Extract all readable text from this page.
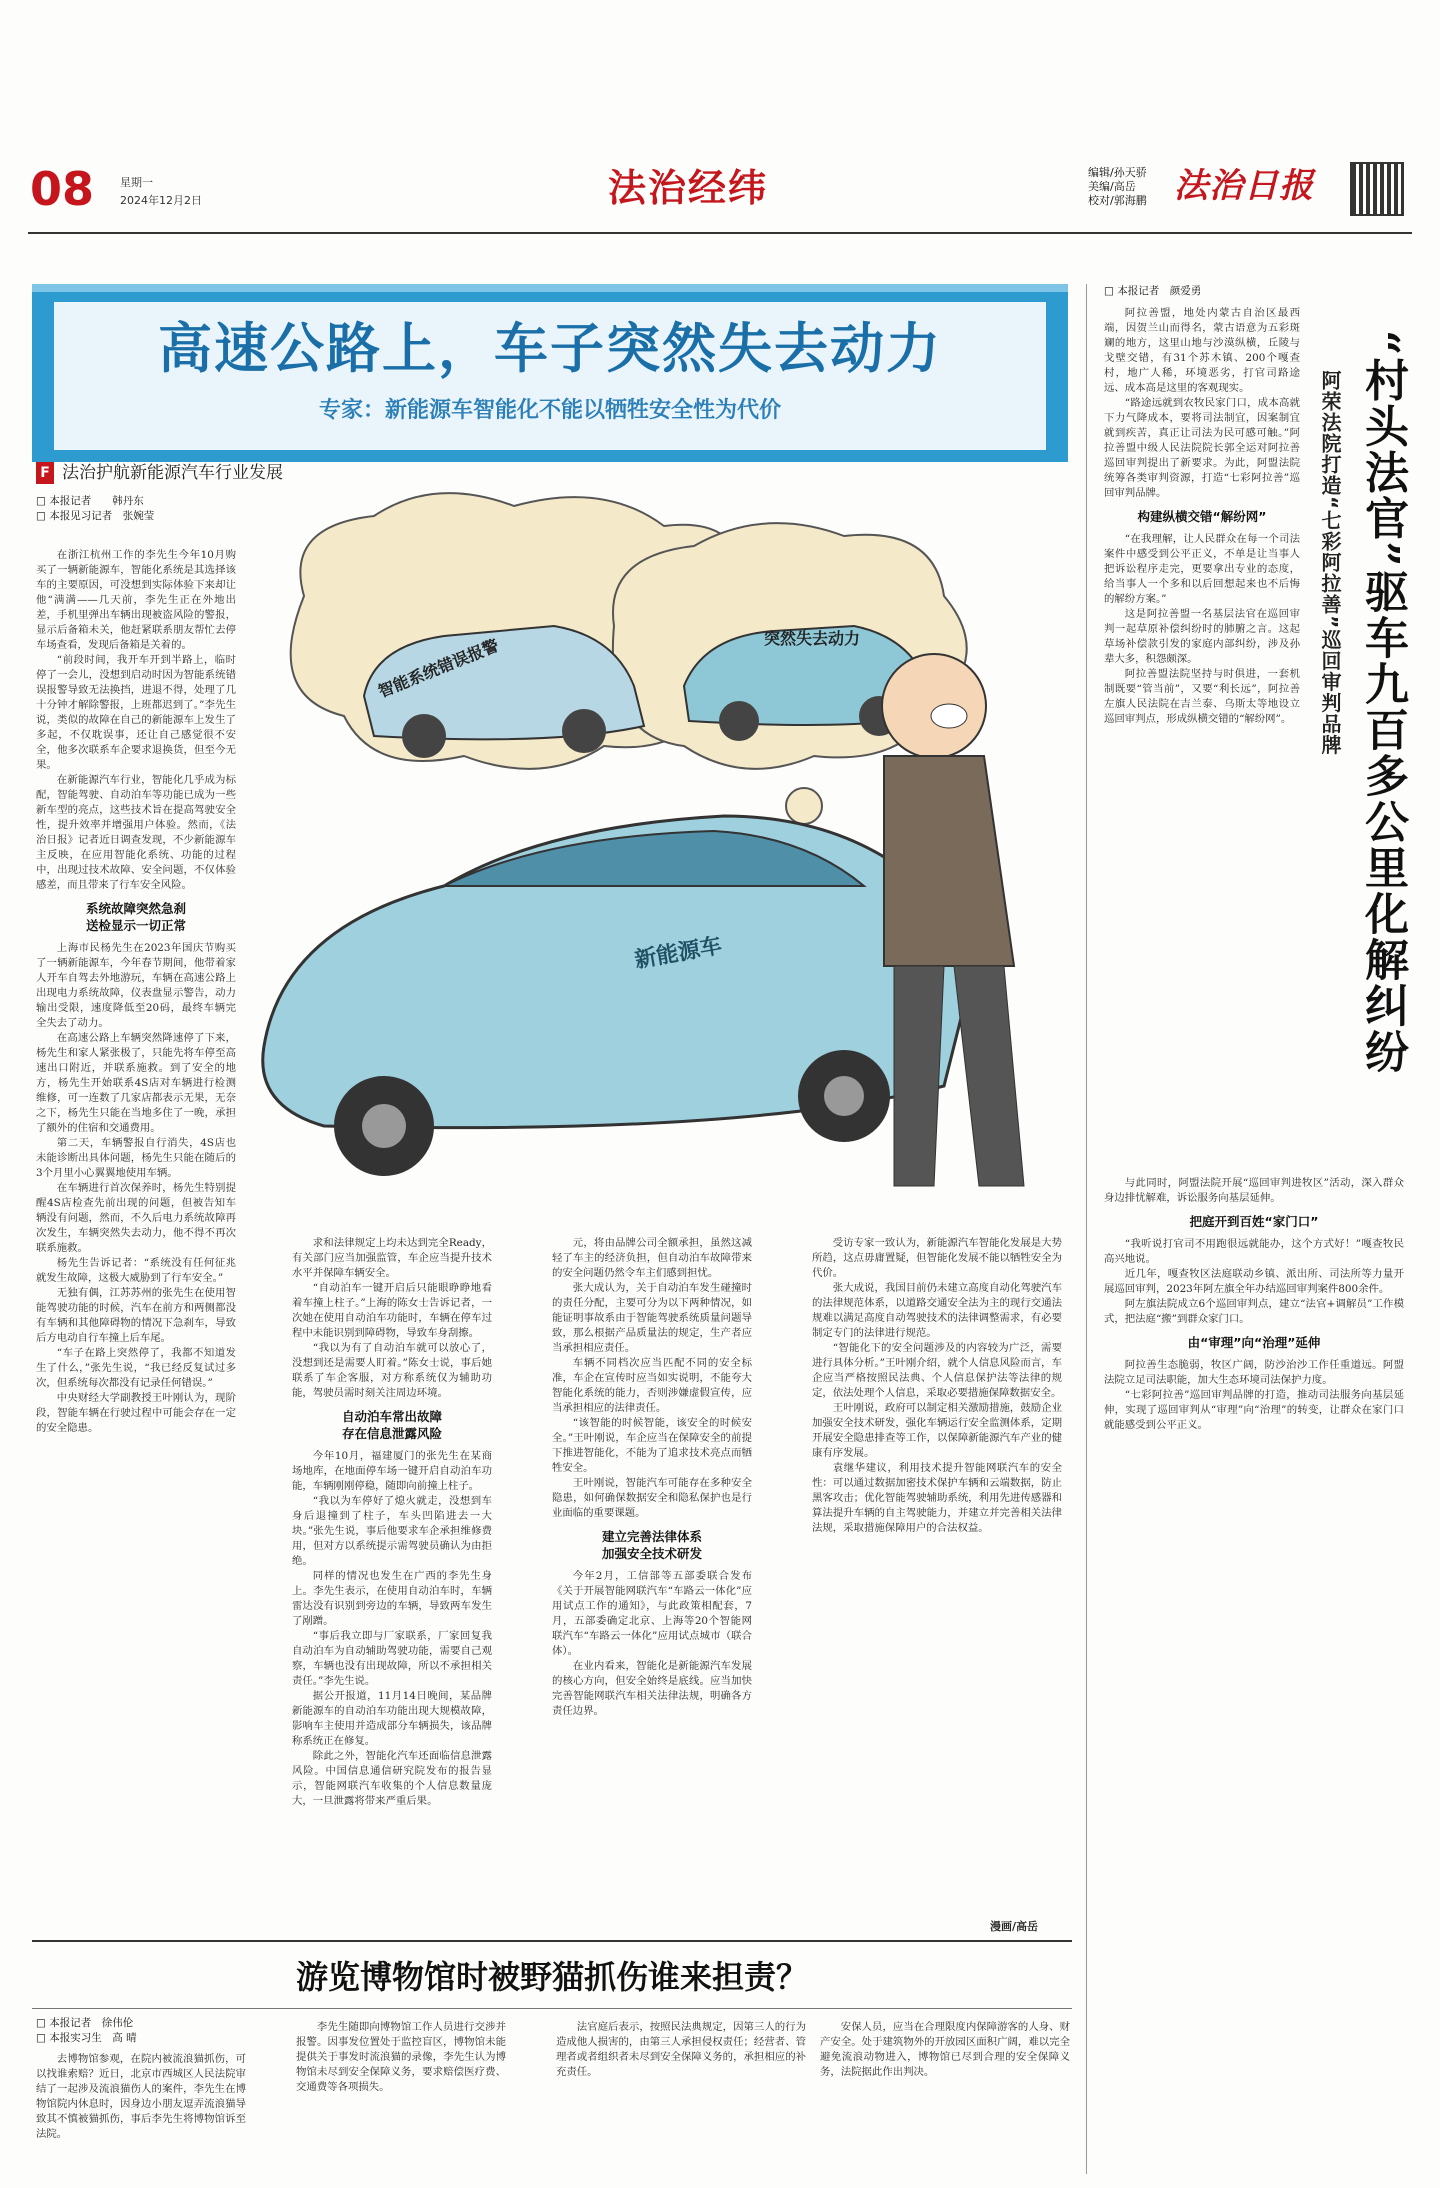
08 星期一
2024年12月2日	法治经纬	编辑/孙天骄
美编/高岳
校对/郭海鹏 法治日报
高速公路上，车子突然失去动力
专家：新能源车智能化不能以牺牲安全性为代价
F 法治护航新能源汽车行业发展
智能系统错误报警	突然失去动力
新能源车
□ 本报记者　　韩丹东
□ 本报见习记者　张婉莹

在浙江杭州工作的李先生今年10月购买了一辆新能源车，智能化系统是其选择该车的主要原因，可没想到实际体验下来却让他“满满——几天前，李先生正在外地出差，手机里弹出车辆出现被盗风险的警报，显示后备箱未关，他赶紧联系朋友帮忙去停车场查看，发现后备箱是关着的。

“前段时间，我开车开到半路上，临时停了一会儿，没想到启动时因为智能系统错误报警导致无法换挡，进退不得，处理了几十分钟才解除警报，上班都迟到了。”李先生说，类似的故障在自己的新能源车上发生了多起，不仅耽误事，还让自己感觉很不安全，他多次联系车企要求退换货，但至今无果。

在新能源汽车行业，智能化几乎成为标配，智能驾驶、自动泊车等功能已成为一些新车型的亮点，这些技术旨在提高驾驶安全性，提升效率并增强用户体验。然而，《法治日报》记者近日调查发现，不少新能源车主反映，在应用智能化系统、功能的过程中，出现过技术故障、安全问题，不仅体验感差，而且带来了行车安全风险。

系统故障突然急刹
送检显示一切正常

上海市民杨先生在2023年国庆节购买了一辆新能源车，今年春节期间，他带着家人开车自驾去外地游玩，车辆在高速公路上出现电力系统故障，仪表盘显示警告，动力输出受限，速度降低至20码，最终车辆完全失去了动力。

在高速公路上车辆突然降速停了下来，杨先生和家人紧张极了，只能先将车停至高速出口附近，并联系施救。到了安全的地方，杨先生开始联系4S店对车辆进行检测维修，可一连数了几家店都表示无果，无奈之下，杨先生只能在当地多住了一晚，承担了额外的住宿和交通费用。

第二天，车辆警报自行消失，4S店也未能诊断出具体问题，杨先生只能在随后的3个月里小心翼翼地使用车辆。

在车辆进行首次保养时，杨先生特别提醒4S店检查先前出现的问题，但被告知车辆没有问题，然而，不久后电力系统故障再次发生，车辆突然失去动力，他不得不再次联系施救。

杨先生告诉记者：“系统没有任何征兆就发生故障，这极大威胁到了行车安全。”

无独有偶，江苏苏州的张先生在使用智能驾驶功能的时候，汽车在前方和两侧都没有车辆和其他障碍物的情况下急刹车，导致后方电动自行车撞上后车尾。

“车子在路上突然停了，我都不知道发生了什么，”张先生说，“我已经反复试过多次，但系统每次都没有记录任何错误。”

中央财经大学副教授王叶刚认为，现阶段，智能车辆在行驶过程中可能会存在一定的安全隐患。

求和法律规定上均未达到完全Ready，有关部门应当加强监管，车企应当提升技术水平并保障车辆安全。

“自动泊车一键开启后只能眼睁睁地看着车撞上柱子。”上海的陈女士告诉记者，一次她在使用自动泊车功能时，车辆在停车过程中未能识别到障碍物，导致车身刮擦。

“我以为有了自动泊车就可以放心了，没想到还是需要人盯着。”陈女士说，事后她联系了车企客服，对方称系统仅为辅助功能，驾驶员需时刻关注周边环境。

自动泊车常出故障
存在信息泄露风险

今年10月，福建厦门的张先生在某商场地库，在地面停车场一键开启自动泊车功能，车辆刚刚停稳，随即向前撞上柱子。

“我以为车停好了熄火就走，没想到车身后退撞到了柱子，车头凹陷进去一大块。”张先生说，事后他要求车企承担维修费用，但对方以系统提示需驾驶员确认为由拒绝。

同样的情况也发生在广西的李先生身上。李先生表示，在使用自动泊车时，车辆雷达没有识别到旁边的车辆，导致两车发生了剐蹭。

“事后我立即与厂家联系，厂家回复我自动泊车为自动辅助驾驶功能，需要自己观察，车辆也没有出现故障，所以不承担相关责任。”李先生说。

据公开报道，11月14日晚间，某品牌新能源车的自动泊车功能出现大规模故障，影响车主使用并造成部分车辆损失，该品牌称系统正在修复。

除此之外，智能化汽车还面临信息泄露风险。中国信息通信研究院发布的报告显示，智能网联汽车收集的个人信息数量庞大，一旦泄露将带来严重后果。

元，将由品牌公司全额承担，虽然这减轻了车主的经济负担，但自动泊车故障带来的安全问题仍然令车主们感到担忧。

张大成认为，关于自动泊车发生碰撞时的责任分配，主要可分为以下两种情况，如能证明事故系由于智能驾驶系统质量问题导致，那么根据产品质量法的规定，生产者应当承担相应责任。

车辆不同档次应当匹配不同的安全标准，车企在宣传时应当如实说明，不能夸大智能化系统的能力，否则涉嫌虚假宣传，应当承担相应的法律责任。

“该智能的时候智能，该安全的时候安全。”王叶刚说，车企应当在保障安全的前提下推进智能化，不能为了追求技术亮点而牺牲安全。

王叶刚说，智能汽车可能存在多种安全隐患，如何确保数据安全和隐私保护也是行业面临的重要课题。

建立完善法律体系
加强安全技术研发

今年2月，工信部等五部委联合发布《关于开展智能网联汽车“车路云一体化”应用试点工作的通知》，与此政策相配套，7月，五部委确定北京、上海等20个智能网联汽车“车路云一体化”应用试点城市（联合体）。

在业内看来，智能化是新能源汽车发展的核心方向，但安全始终是底线。应当加快完善智能网联汽车相关法律法规，明确各方责任边界。

受访专家一致认为，新能源汽车智能化发展是大势所趋，这点毋庸置疑，但智能化发展不能以牺牲安全为代价。

张大成说，我国目前仍未建立高度自动化驾驶汽车的法律规范体系，以道路交通安全法为主的现行交通法规难以满足高度自动驾驶技术的法律调整需求，有必要制定专门的法律进行规范。

“智能化下的安全问题涉及的内容较为广泛，需要进行具体分析。”王叶刚介绍，就个人信息风险而言，车企应当严格按照民法典、个人信息保护法等法律的规定，依法处理个人信息，采取必要措施保障数据安全。

王叶刚说，政府可以制定相关激励措施，鼓励企业加强安全技术研发，强化车辆运行安全监测体系，定期开展安全隐患排查等工作，以保障新能源汽车产业的健康有序发展。

袁继华建议，利用技术提升智能网联汽车的安全性：可以通过数据加密技术保护车辆和云端数据，防止黑客攻击；优化智能驾驶辅助系统，利用先进传感器和算法提升车辆的自主驾驶能力，并建立并完善相关法律法规，采取措施保障用户的合法权益。

漫画/高岳
□ 本报记者　颜爱勇
“村头法官”驱车九百多公里化解纠纷
阿荣法院打造“七彩阿拉善”巡回审判品牌

阿拉善盟，地处内蒙古自治区最西端，因贺兰山而得名，蒙古语意为五彩斑斓的地方，这里山地与沙漠纵横，丘陵与戈壁交错，有31个苏木镇、200个嘎查村，地广人稀，环境恶劣，打官司路途远、成本高是这里的客观现实。

“路途远就到农牧民家门口，成本高就下力气降成本，要将司法制宜，因案制宜就到疾苦，真正让司法为民可感可触。”阿拉善盟中级人民法院院长郭全运对阿拉善巡回审判提出了新要求。为此，阿盟法院统筹各类审判资源，打造“七彩阿拉善”巡回审判品牌。

构建纵横交错“解纷网”

“在我理解，让人民群众在每一个司法案件中感受到公平正义，不单是让当事人把诉讼程序走完，更要拿出专业的态度，给当事人一个多和以后回想起来也不后悔的解纷方案。”

这是阿拉善盟一名基层法官在巡回审判一起草原补偿纠纷时的肺腑之言。这起草场补偿款引发的家庭内部纠纷，涉及孙辈大多，积怨颇深。

阿拉善盟法院坚持与时俱进，一套机制既要“管当前”，又要“利长远”，阿拉善左旗人民法院在吉兰泰、乌斯太等地设立巡回审判点，形成纵横交错的“解纷网”。

与此同时，阿盟法院开展“巡回审判进牧区”活动，深入群众身边排忧解难，诉讼服务向基层延伸。

把庭开到百姓“家门口”

“我听说打官司不用跑很远就能办，这个方式好！”嘎查牧民高兴地说。

近几年，嘎查牧区法庭联动乡镇、派出所、司法所等力量开展巡回审判，2023年阿左旗全年办结巡回审判案件800余件。

阿左旗法院成立6个巡回审判点，建立“法官+调解员”工作模式，把法庭“搬”到群众家门口。

由“审理”向“治理”延伸

阿拉善生态脆弱，牧区广阔，防沙治沙工作任重道远。阿盟法院立足司法职能，加大生态环境司法保护力度。

“七彩阿拉善”巡回审判品牌的打造，推动司法服务向基层延伸，实现了巡回审判从“审理”向“治理”的转变，让群众在家门口就能感受到公平正义。

游览博物馆时被野猫抓伤谁来担责？
□ 本报记者　徐伟伦
□ 本报实习生　高 晴

去博物馆参观，在院内被流浪猫抓伤，可以找谁索赔？近日，北京市西城区人民法院审结了一起涉及流浪猫伤人的案件，李先生在博物馆院内休息时，因身边小朋友逗弄流浪猫导致其不慎被猫抓伤，事后李先生将博物馆诉至法院。

李先生随即向博物馆工作人员进行交涉并报警。因事发位置处于监控盲区，博物馆未能提供关于事发时流浪猫的录像，李先生认为博物馆未尽到安全保障义务，要求赔偿医疗费、交通费等各项损失。

法官庭后表示，按照民法典规定，因第三人的行为造成他人损害的，由第三人承担侵权责任；经营者、管理者或者组织者未尽到安全保障义务的，承担相应的补充责任。

安保人员，应当在合理限度内保障游客的人身、财产安全。处于建筑物外的开放园区面积广阔，难以完全避免流浪动物进入，博物馆已尽到合理的安全保障义务，法院据此作出判决。
